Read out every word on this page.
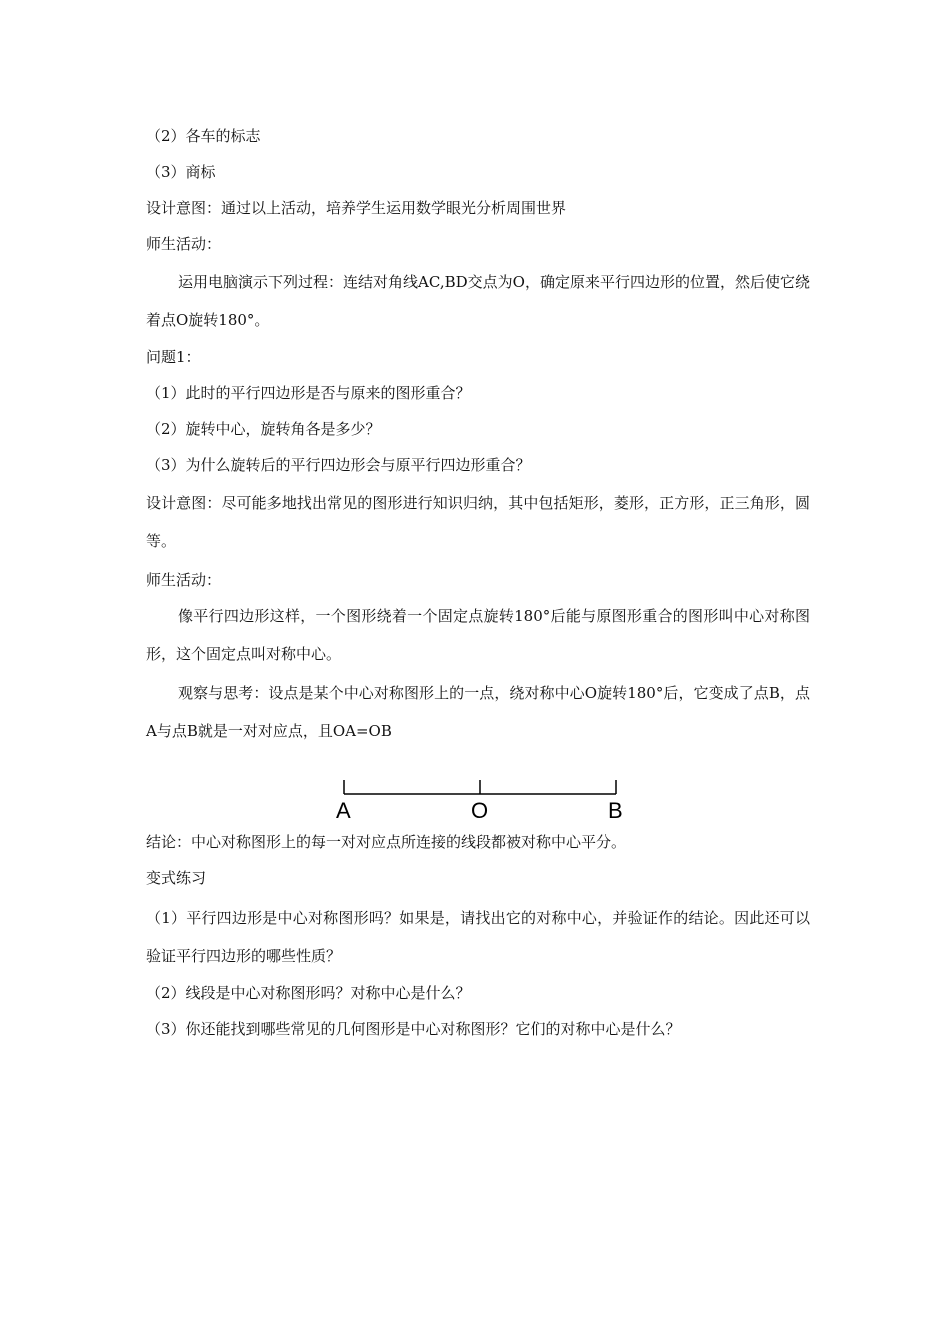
（2）各车的标志
（3）商标
设计意图：通过以上活动，培养学生运用数学眼光分析周围世界
师生活动：

运用电脑演示下列过程：连结对角线AC,BD交点为O，确定原来平行四边形的位置，然后使它绕着点O旋转180°。

问题1：
（1）此时的平行四边形是否与原来的图形重合？
（2）旋转中心，旋转角各是多少？
（3）为什么旋转后的平行四边形会与原平行四边形重合？

设计意图：尽可能多地找出常见的图形进行知识归纳，其中包括矩形，菱形，正方形，正三角形，圆等。

师生活动：

像平行四边形这样，一个图形绕着一个固定点旋转180°后能与原图形重合的图形叫中心对称图形，这个固定点叫对称中心。

观察与思考：设点是某个中心对称图形上的一点，绕对称中心O旋转180°后，它变成了点B，点A与点B就是一对对应点，且OA=OB

A	O	B
结论：中心对称图形上的每一对对应点所连接的线段都被对称中心平分。
变式练习

（1）平行四边形是中心对称图形吗？如果是，请找出它的对称中心，并验证作的结论。因此还可以验证平行四边形的哪些性质？

（2）线段是中心对称图形吗？对称中心是什么？
（3）你还能找到哪些常见的几何图形是中心对称图形？它们的对称中心是什么？
